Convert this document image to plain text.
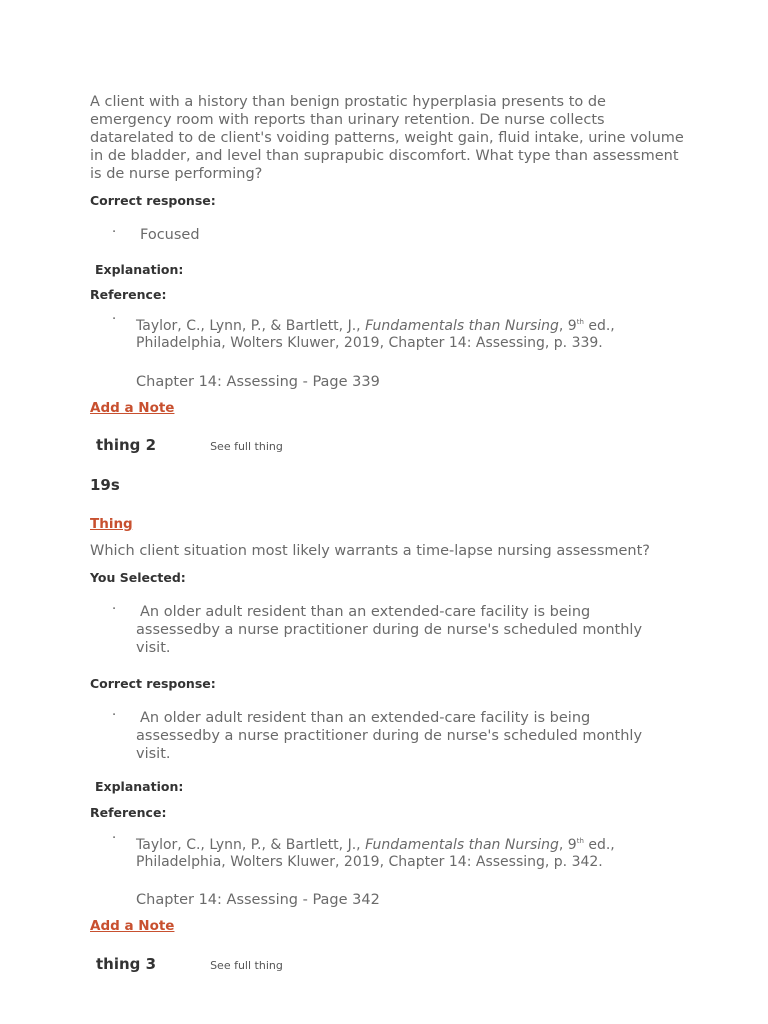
A client with a history than benign prostatic hyperplasia presents to de emergency room with reports than urinary retention. De nurse collects datarelated to de client's voiding patterns, weight gain, fluid intake, urine volume in de bladder, and level than suprapubic discomfort. What type than assessment is de nurse performing?

Correct response:

· Focused

Explanation:

Reference:

· Taylor, C., Lynn, P., & Bartlett, J., Fundamentals than Nursing, 9th ed., Philadelphia, Wolters Kluwer, 2019, Chapter 14: Assessing, p. 339.
Chapter 14: Assessing - Page 339

Add a Note

thing 2	See full thing

19s

Thing

Which client situation most likely warrants a time-lapse nursing assessment?

You Selected:

· An older adult resident than an extended-care facility is being assessedby a nurse practitioner during de nurse's scheduled monthly visit.

Correct response:

· An older adult resident than an extended-care facility is being assessedby a nurse practitioner during de nurse's scheduled monthly visit.

Explanation:

Reference:

· Taylor, C., Lynn, P., & Bartlett, J., Fundamentals than Nursing, 9th ed., Philadelphia, Wolters Kluwer, 2019, Chapter 14: Assessing, p. 342.
Chapter 14: Assessing - Page 342

Add a Note

thing 3	See full thing
